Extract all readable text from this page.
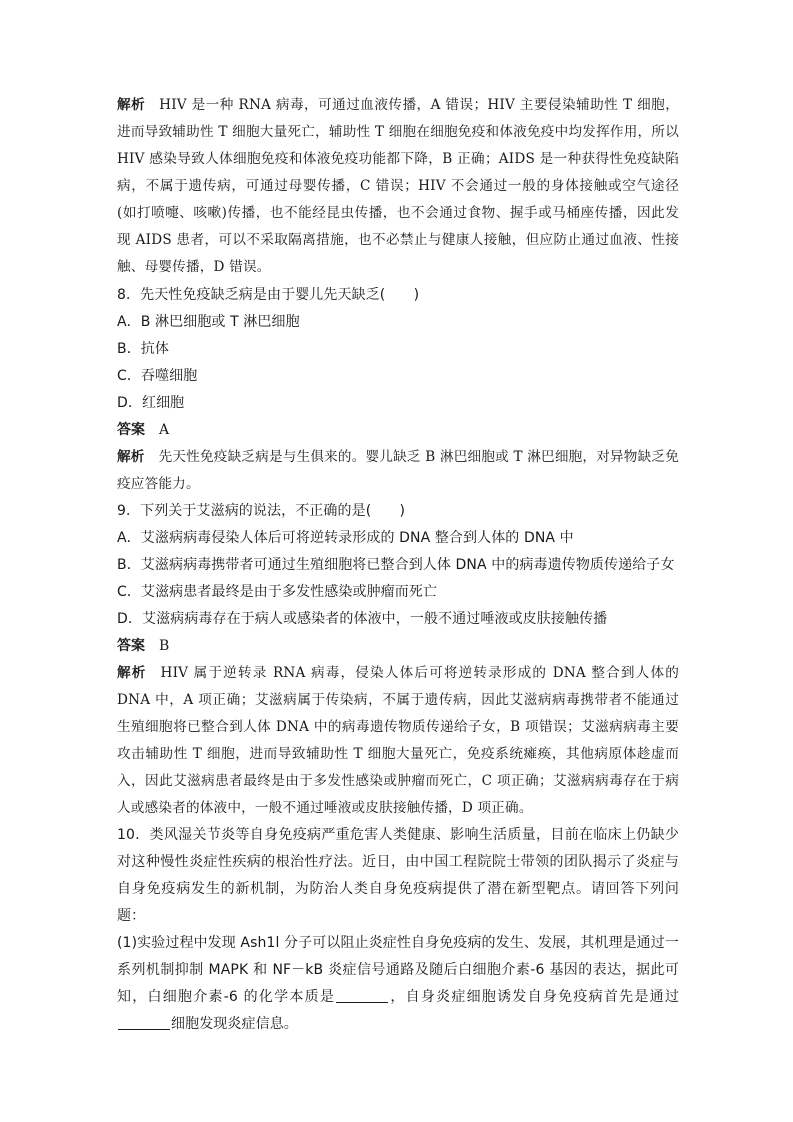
解析 HIV 是一种 RNA 病毒，可通过血液传播，A 错误；HIV 主要侵染辅助性 T 细胞，进而导致辅助性 T 细胞大量死亡，辅助性 T 细胞在细胞免疫和体液免疫中均发挥作用，所以 HIV 感染导致人体细胞免疫和体液免疫功能都下降，B 正确；AIDS 是一种获得性免疫缺陷病，不属于遗传病，可通过母婴传播，C 错误；HIV 不会通过一般的身体接触或空气途径(如打喷嚏、咳嗽)传播，也不能经昆虫传播，也不会通过食物、握手或马桶座传播，因此发现 AIDS 患者，可以不采取隔离措施，也不必禁止与健康人接触，但应防止通过血液、性接触、母婴传播，D 错误。

8．先天性免疫缺乏病是由于婴儿先天缺乏(　　)

A．B 淋巴细胞或 T 淋巴细胞

B．抗体

C．吞噬细胞

D．红细胞

答案 A

解析 先天性免疫缺乏病是与生俱来的。婴儿缺乏 B 淋巴细胞或 T 淋巴细胞，对异物缺乏免疫应答能力。

9．下列关于艾滋病的说法，不正确的是(　　)

A．艾滋病病毒侵染人体后可将逆转录形成的 DNA 整合到人体的 DNA 中

B．艾滋病病毒携带者可通过生殖细胞将已整合到人体 DNA 中的病毒遗传物质传递给子女

C．艾滋病患者最终是由于多发性感染或肿瘤而死亡

D．艾滋病病毒存在于病人或感染者的体液中，一般不通过唾液或皮肤接触传播

答案 B

解析 HIV 属于逆转录 RNA 病毒，侵染人体后可将逆转录形成的 DNA 整合到人体的 DNA 中，A 项正确；艾滋病属于传染病，不属于遗传病，因此艾滋病病毒携带者不能通过生殖细胞将已整合到人体 DNA 中的病毒遗传物质传递给子女，B 项错误；艾滋病病毒主要攻击辅助性 T 细胞，进而导致辅助性 T 细胞大量死亡，免疫系统瘫痪，其他病原体趁虚而入，因此艾滋病患者最终是由于多发性感染或肿瘤而死亡，C 项正确；艾滋病病毒存在于病人或感染者的体液中，一般不通过唾液或皮肤接触传播，D 项正确。

10．类风湿关节炎等自身免疫病严重危害人类健康、影响生活质量，目前在临床上仍缺少对这种慢性炎症性疾病的根治性疗法。近日，由中国工程院院士带领的团队揭示了炎症与自身免疫病发生的新机制，为防治人类自身免疫病提供了潜在新型靶点。请回答下列问题：

(1)实验过程中发现 Ash1l 分子可以阻止炎症性自身免疫病的发生、发展，其机理是通过一系列机制抑制 MAPK 和 NF－kB 炎症信号通路及随后白细胞介素-6 基因的表达，据此可知，白细胞介素-6 的化学本质是	，自身炎症细胞诱发自身免疫病首先是通过细胞发现炎症信息。
